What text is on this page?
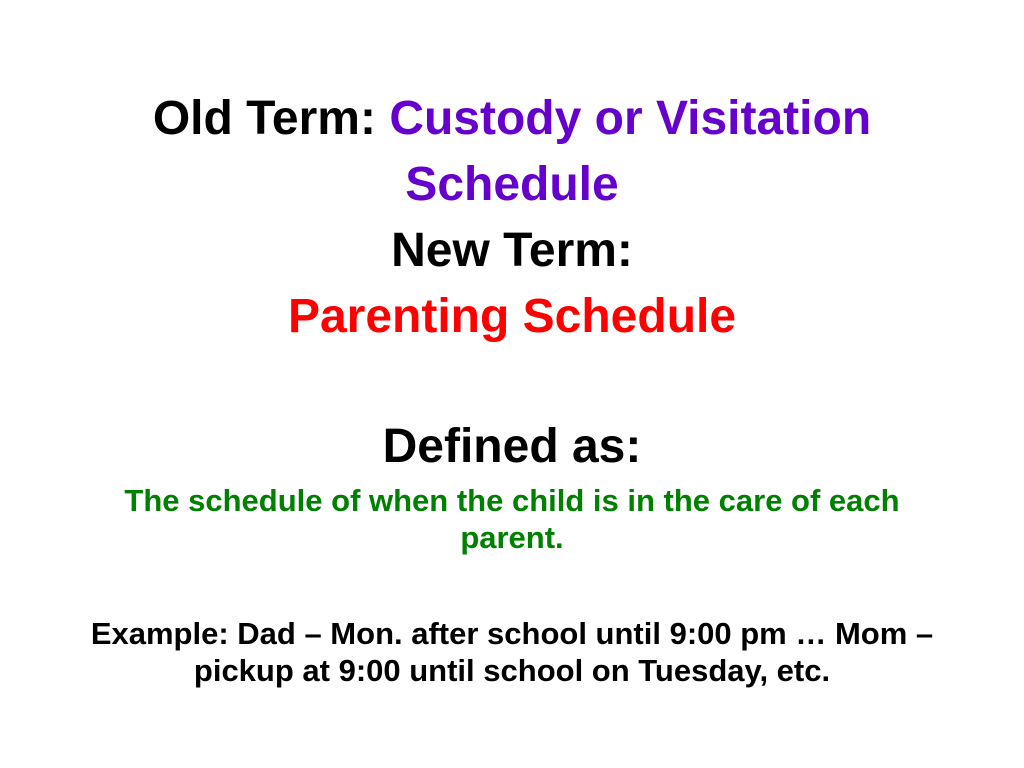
Old Term: Custody or Visitation
Schedule
New Term:
Parenting Schedule
Defined as:
The schedule of when the child is in the care of each
parent.
Example: Dad – Mon. after school until 9:00 pm … Mom –
pickup at 9:00 until school on Tuesday, etc.
